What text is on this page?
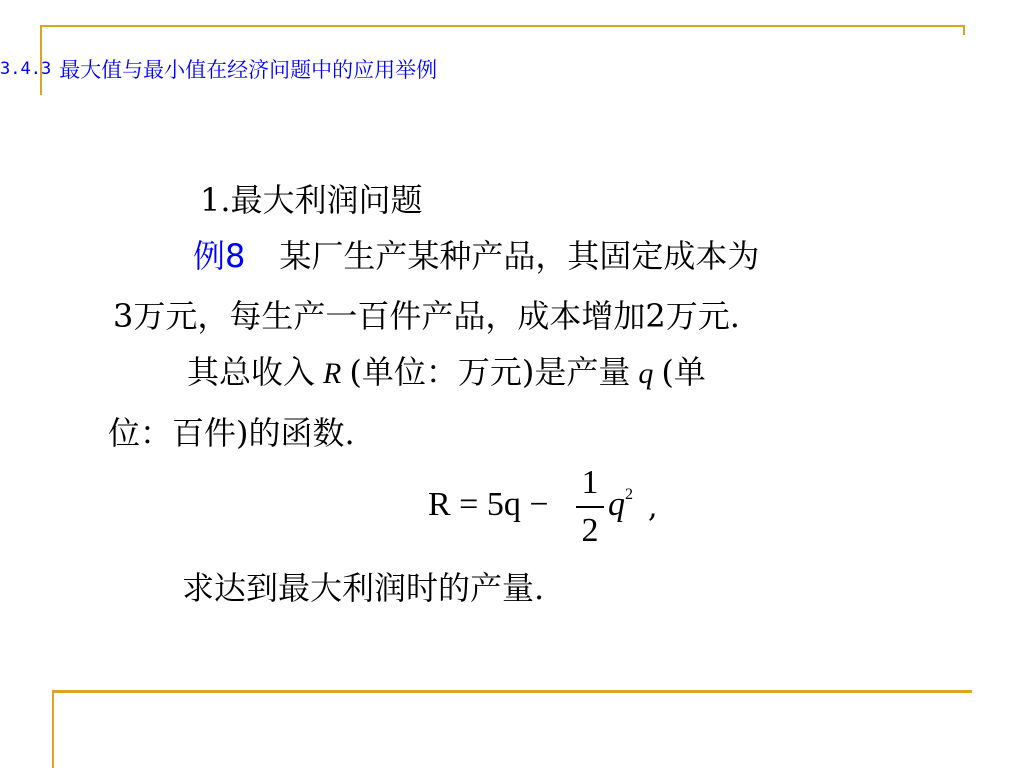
3.4.3 最大值与最小值在经济问题中的应用举例
1.最大利润问题
例8 某厂生产某种产品，其固定成本为
3万元，每生产一百件产品，成本增加2万元.
其总收入 R (单位：万元)是产量 q (单
位：百件)的函数.
R = 5q −
1
2
$q^2$ ,
求达到最大利润时的产量.
